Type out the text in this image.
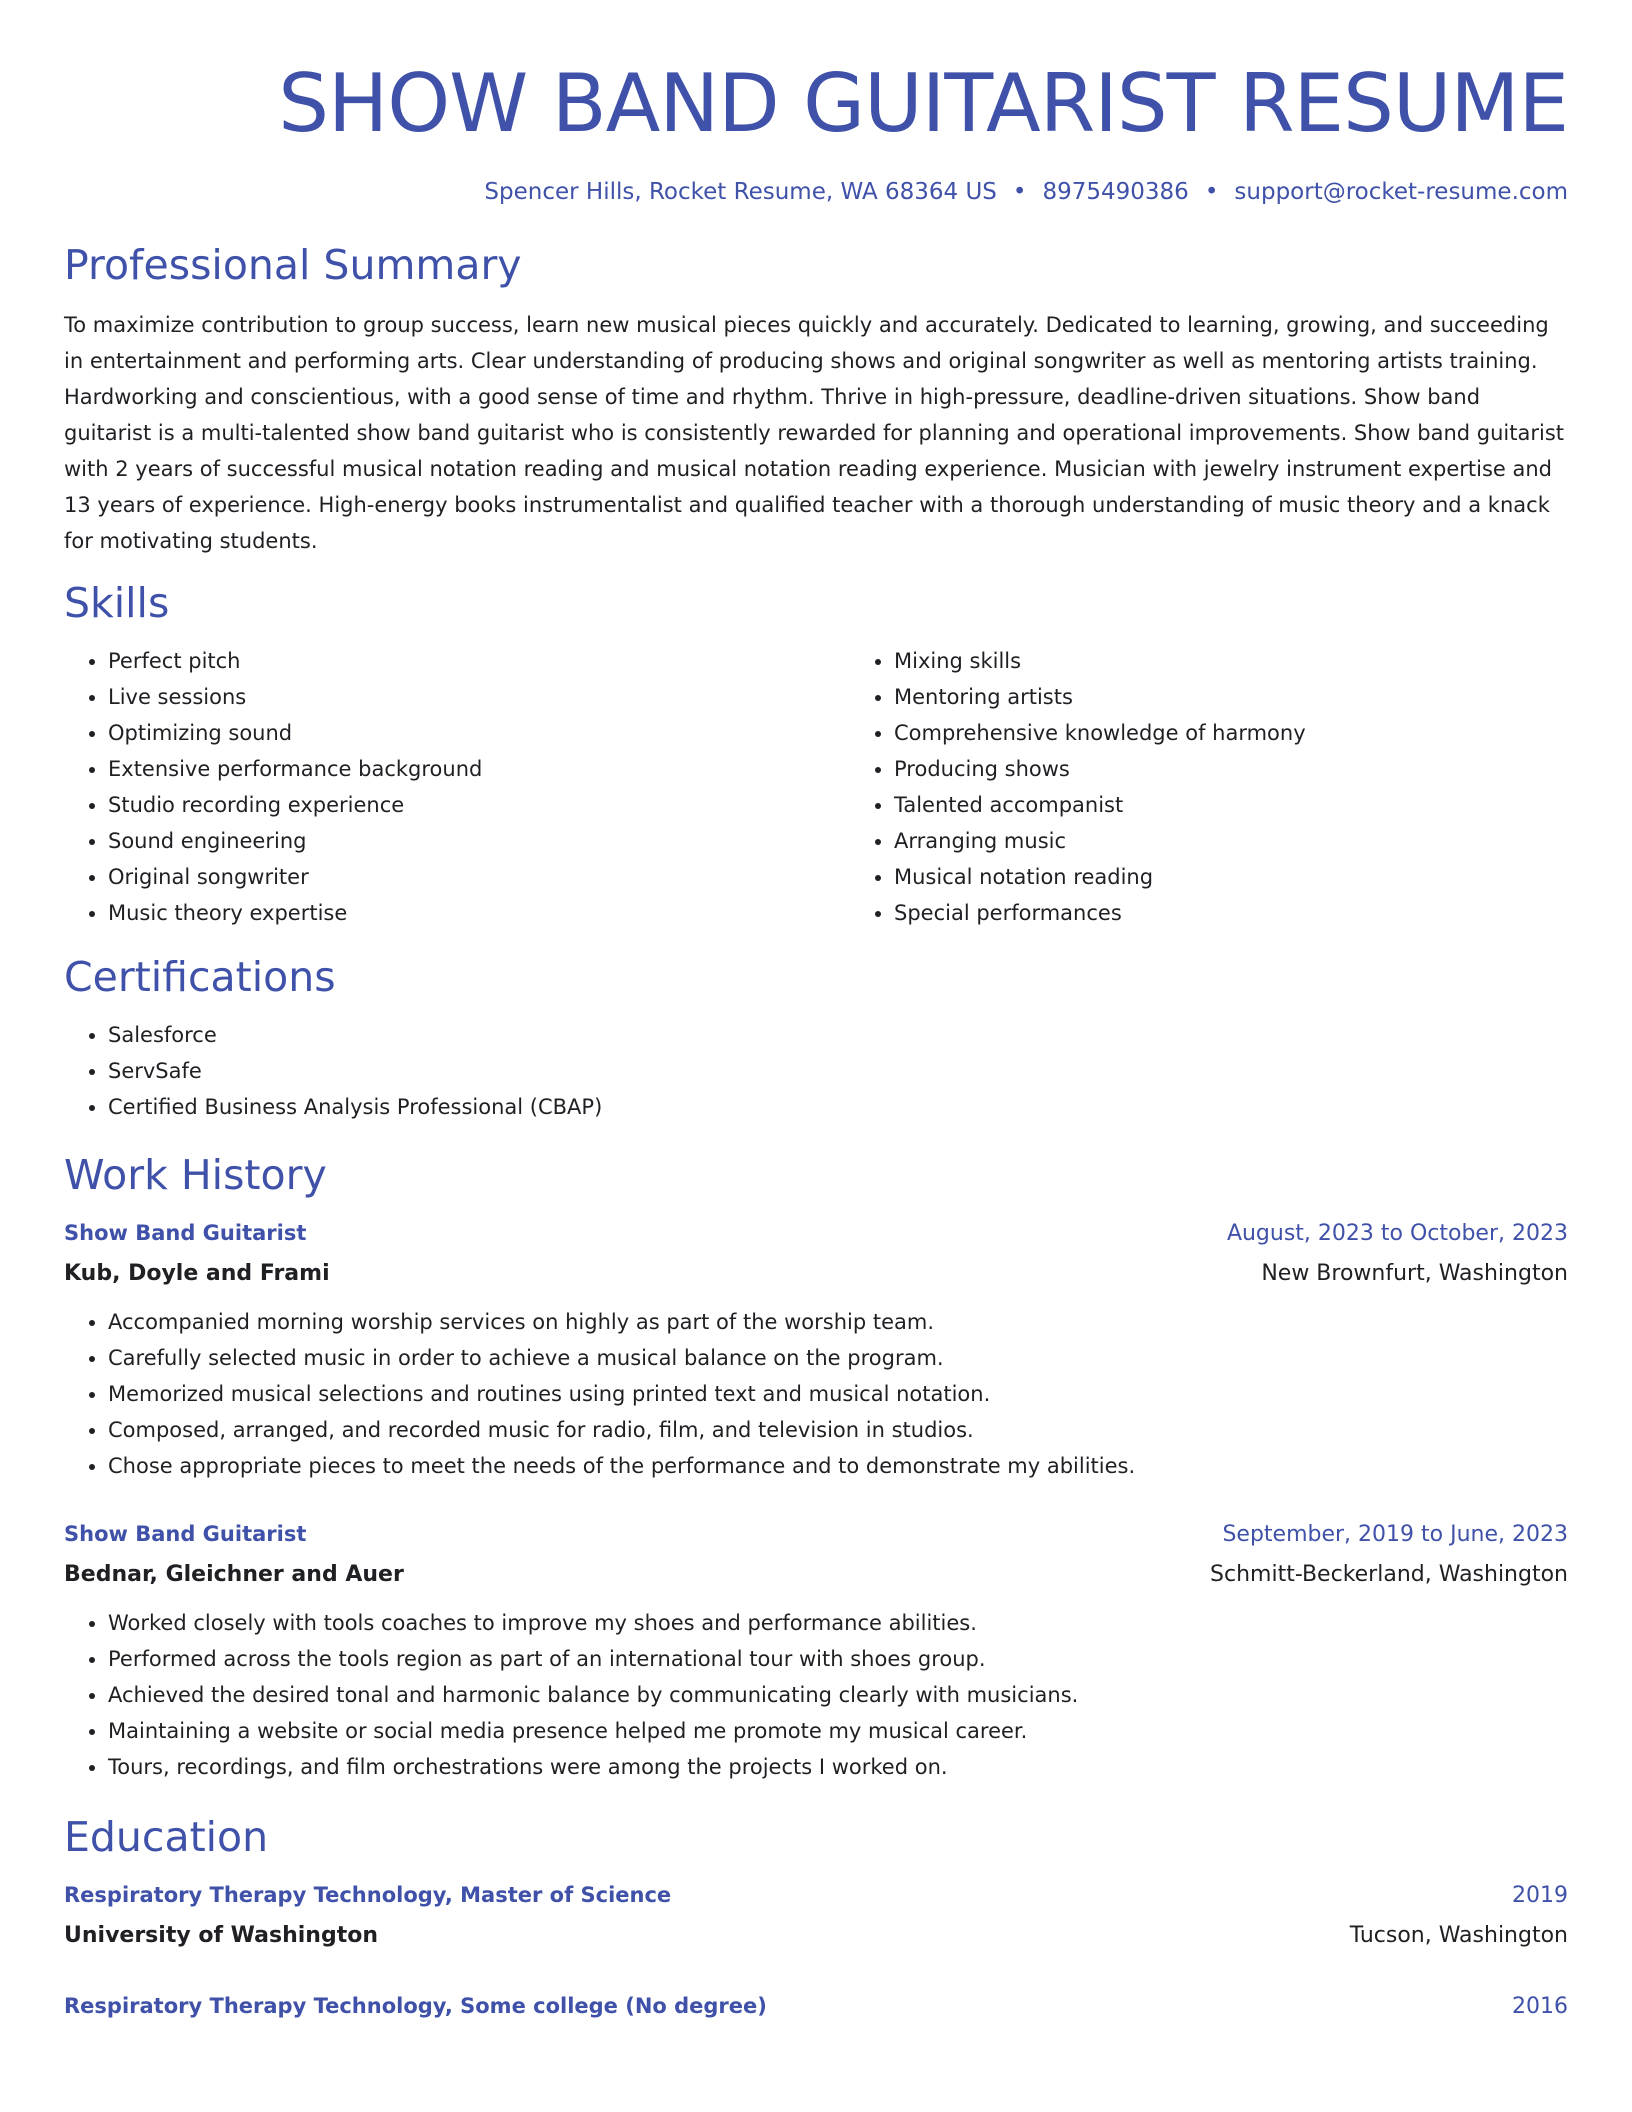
SHOW BAND GUITARIST RESUME
Spencer Hills, Rocket Resume, WA 68364 US • 8975490386 • support@rocket-resume.com
Professional Summary

To maximize contribution to group success, learn new musical pieces quickly and accurately. Dedicated to learning, growing, and succeeding in entertainment and performing arts. Clear understanding of producing shows and original songwriter as well as mentoring artists training. Hardworking and conscientious, with a good sense of time and rhythm. Thrive in high-pressure, deadline-driven situations. Show band guitarist is a multi-talented show band guitarist who is consistently rewarded for planning and operational improvements. Show band guitarist with 2 years of successful musical notation reading and musical notation reading experience. Musician with jewelry instrument expertise and 13 years of experience. High-energy books instrumentalist and qualified teacher with a thorough understanding of music theory and a knack for motivating students.

Skills
• Perfect pitch
• Live sessions
• Optimizing sound
• Extensive performance background
• Studio recording experience
• Sound engineering
• Original songwriter
• Music theory expertise
• Mixing skills
• Mentoring artists
• Comprehensive knowledge of harmony
• Producing shows
• Talented accompanist
• Arranging music
• Musical notation reading
• Special performances
Certifications
• Salesforce
• ServSafe
• Certified Business Analysis Professional (CBAP)
Work History
Show Band Guitarist	August, 2023 to October, 2023
Kub, Doyle and Frami	New Brownfurt, Washington
• Accompanied morning worship services on highly as part of the worship team.
• Carefully selected music in order to achieve a musical balance on the program.
• Memorized musical selections and routines using printed text and musical notation.
• Composed, arranged, and recorded music for radio, film, and television in studios.
• Chose appropriate pieces to meet the needs of the performance and to demonstrate my abilities.
Show Band Guitarist	September, 2019 to June, 2023
Bednar, Gleichner and Auer	Schmitt-Beckerland, Washington
• Worked closely with tools coaches to improve my shoes and performance abilities.
• Performed across the tools region as part of an international tour with shoes group.
• Achieved the desired tonal and harmonic balance by communicating clearly with musicians.
• Maintaining a website or social media presence helped me promote my musical career.
• Tours, recordings, and film orchestrations were among the projects I worked on.
Education
Respiratory Therapy Technology, Master of Science	2019
University of Washington	Tucson, Washington
Respiratory Therapy Technology, Some college (No degree)	2016
